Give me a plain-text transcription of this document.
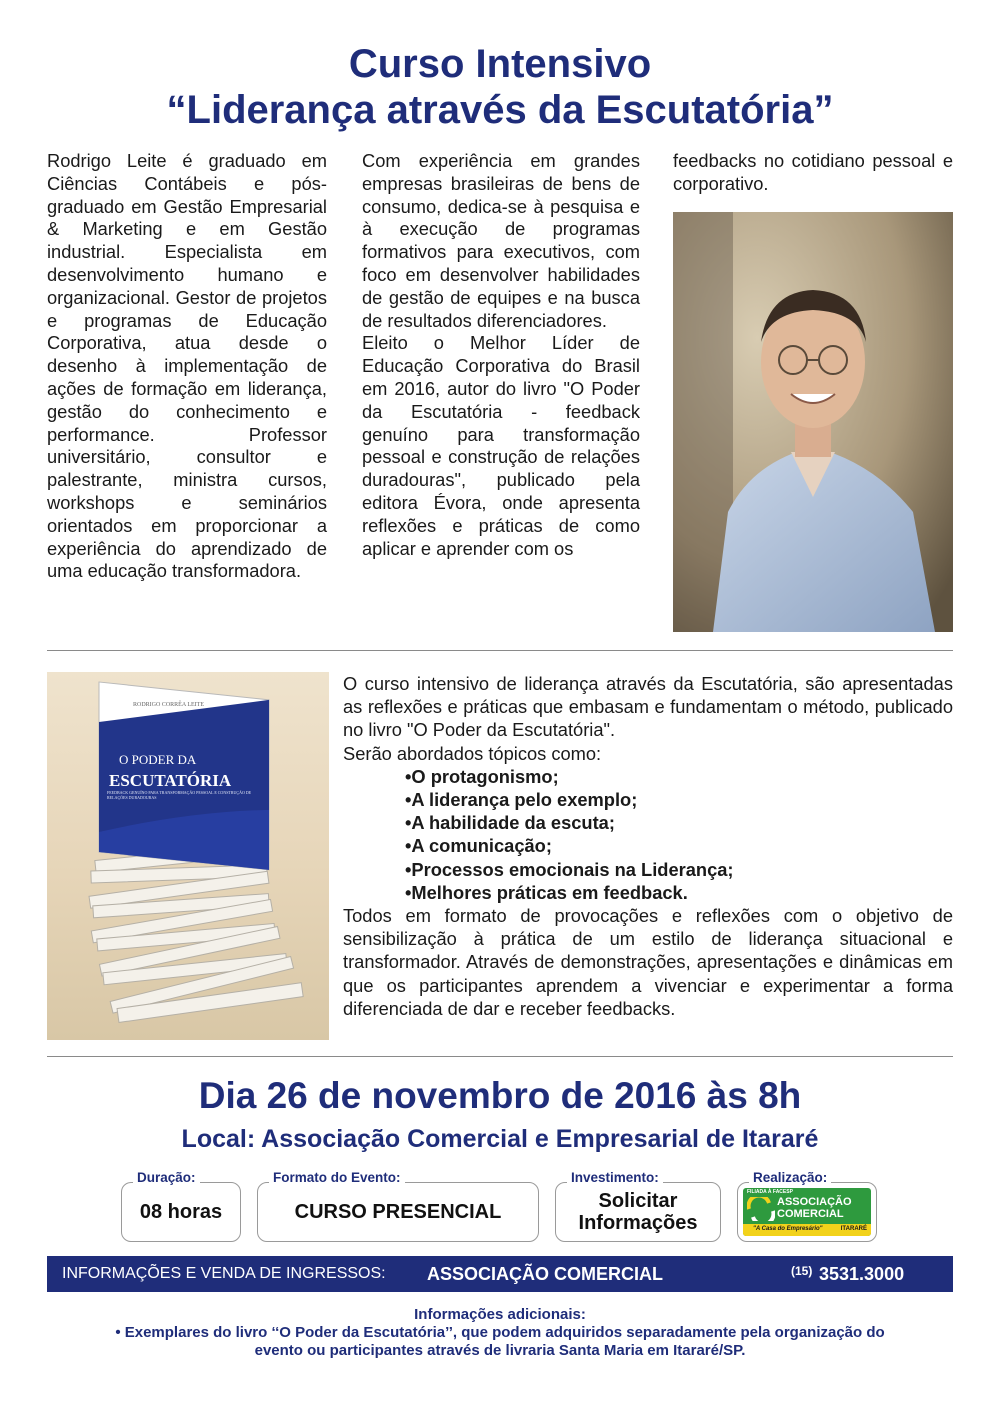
Curso Intensivo
“Liderança através da Escutatória”

Rodrigo Leite é graduado em Ciências Contábeis e pós-graduado em Gestão Empresarial & Marketing e em Gestão industrial. Especialista em desenvolvimento humano e organizacional. Gestor de projetos e programas de Educação Corporativa, atua desde o desenho à implementação de ações de formação em liderança, gestão do conhecimento e performance. Professor universitário, consultor e palestrante, ministra cursos, workshops e seminários orientados em proporcionar a experiência do aprendizado de uma educação transformadora.

Com experiência em grandes empresas brasileiras de bens de consumo, dedica-se à pesquisa e à execução de programas formativos para executivos, com foco em desenvolver habilidades de gestão de equipes e na busca de resultados diferenciadores.

Eleito o Melhor Líder de Educação Corporativa do Brasil em 2016, autor do livro "O Poder da Escutatória - feedback genuíno para transformação pessoal e construção de relações duradouras", publicado pela editora Évora, onde apresenta reflexões e práticas de como aplicar e aprender com os

feedbacks no cotidiano pessoal e corporativo.

RODRIGO CORRÊA LEITE
O PODER DA
ESCUTATÓRIA
FEEDBACK GENUÍNO PARA TRANSFORMAÇÃO PESSOAL E CONSTRUÇÃO DE RELAÇÕES DURADOURAS

O curso intensivo de liderança através da Escutatória, são apresentadas as reflexões e práticas que embasam e fundamentam o método, publicado no livro "O Poder da Escutatória".

Serão abordados tópicos como:

• O protagonismo;
• A liderança pelo exemplo;
• A habilidade da escuta;
• A comunicação;
• Processos emocionais na Liderança;
• Melhores práticas em feedback.

Todos em formato de provocações e reflexões com o objetivo de sensibilização à prática de um estilo de liderança situacional e transformador. Através de demonstrações, apresentações e dinâmicas em que os participantes aprendem a vivenciar e experimentar a forma diferenciada de dar e receber feedbacks.

Dia 26 de novembro de 2016 às 8h
Local: Associação Comercial e Empresarial de Itararé
08 horas
Duração:
CURSO PRESENCIAL
Formato do Evento:
Solicitar
Informações
Investimento:
FILIADA À FACESP
ASSOCIAÇÃO
COMERCIAL
"A Casa do Empresário"	ITARARÉ
Realização:
INFORMAÇÕES E VENDA DE INGRESSOS: ASSOCIAÇÃO COMERCIAL	(15) 3531.3000
Informações adicionais:
• Exemplares do livro ‘‘O Poder da Escutatória’’, que podem adquiridos separadamente pela organização do
evento ou participantes através de livraria Santa Maria em Itararé/SP.
